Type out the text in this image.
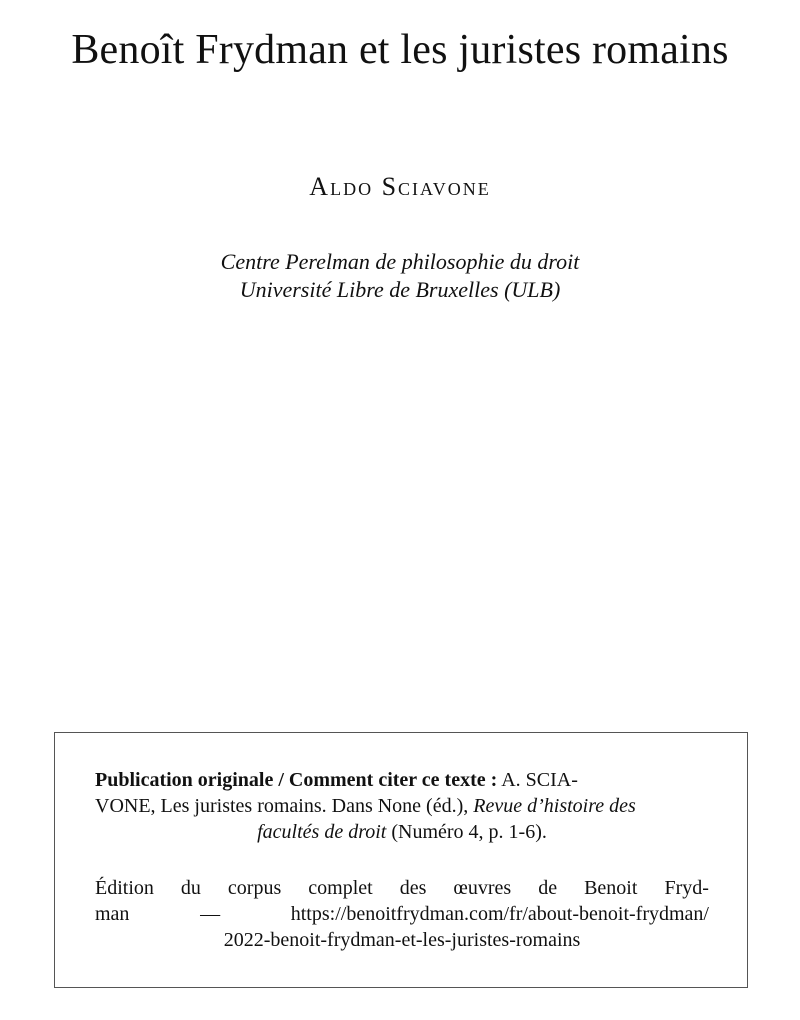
Benoît Frydman et les juristes romains
Aldo Sciavone
Centre Perelman de philosophie du droit
Université Libre de Bruxelles (ULB)
Publication originale / Comment citer ce texte : A. SCIA-
VONE, Les juristes romains. Dans None (éd.), Revue d’histoire des
facultés de droit (Numéro 4, p. 1-6).
Édition du corpus complet des œuvres de Benoit Fryd-
man	—	https://benoitfrydman.com/fr/about-benoit-frydman/
2022-benoit-frydman-et-les-juristes-romains
